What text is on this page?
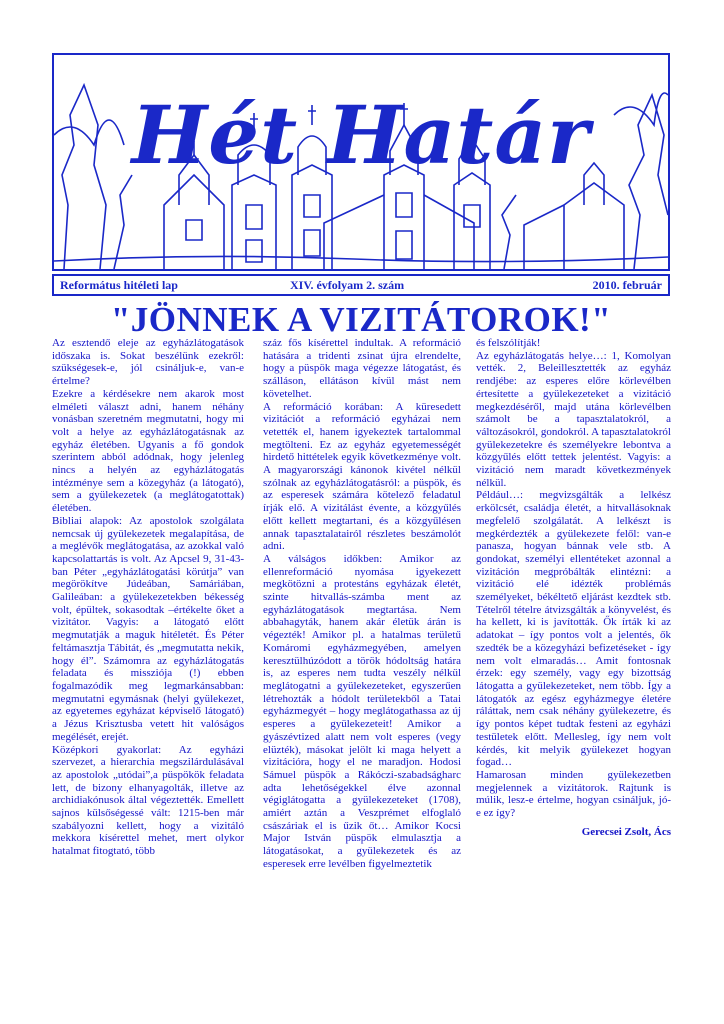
Hét Határ
Református hitéleti lap	XIV. évfolyam 2. szám	2010. február
"JÖNNEK A VIZITÁTOROK!"

Az esztendő eleje az egyházlátogatások időszaka is. Sokat beszélünk ezekről: szükségesek-e, jól csináljuk-e, van-e értelme?

Ezekre a kérdésekre nem akarok most elméleti választ adni, hanem néhány vonásban szeretném megmutatni, hogy mi volt a helye az egyházlátogatásnak az egyház életében. Ugyanis a fő gondok szerintem abból adódnak, hogy jelenleg nincs a helyén az egyházlátogatás intézménye sem a közegyház (a látogató), sem a gyülekezetek (a meglátogatottak) életében.

Bibliai alapok: Az apostolok szolgálata nemcsak új gyülekezetek megalapítása, de a meglévők meglátogatása, az azokkal való kapcsolattartás is volt. Az Apcsel 9, 31-43-ban Péter „egyházlátogatási körútja” van megörökítve Júdeában, Samáriában, Galileában: a gyülekezetekben békesség volt, épültek, sokasodtak –értékelte őket a vizitátor. Vagyis: a látogató előtt megmutatják a maguk hitéletét. És Péter feltámasztja Tábitát, és „megmutatta nekik, hogy él”. Számomra az egyházlátogatás feladata és missziója (!) ebben fogalmazódik meg legmarkánsabban: megmutatni egymásnak (helyi gyülekezet, az egyetemes egyházat képviselő látogató) a Jézus Krisztusba vetett hit valóságos megélését, erejét.

Középkori gyakorlat: Az egyházi szervezet, a hierarchia megszilárdulásával az apostolok „utódai”,a püspökök feladata lett, de bizony elhanyagolták, illetve az archidiakónusok által végeztették. Emellett sajnos külsőségessé vált: 1215-ben már szabályozni kellett, hogy a vizitáló mekkora kísérettel mehet, mert olykor hatalmat fitogtató, több

száz fős kísérettel indultak. A reformáció hatására a tridenti zsinat újra elrendelte, hogy a püspök maga végezze látogatást, és szálláson, ellátáson kívül mást nem követelhet.

A reformáció korában: A küresedett vizitációt a reformáció egyházai nem vetették el, hanem igyekeztek tartalommal megtölteni. Ez az egyház egyetemességét hirdető hittételek egyik következménye volt. A magyarországi kánonok kivétel nélkül szólnak az egyházlátogatásról: a püspök, és az esperesek számára kötelező feladatul írják elő. A vizitálást évente, a közgyűlés előtt kellett megtartani, és a közgyűlésen annak tapasztalatairól részletes beszámolót adni.

A válságos időkben: Amikor az ellenreformáció nyomása igyekezett megkötözni a protestáns egyházak életét, szinte hitvallás-számba ment az egyházlátogatások megtartása. Nem abbahagyták, hanem akár életük árán is végezték! Amikor pl. a hatalmas területű Komáromi egyházmegyében, amelyen keresztülhúzódott a török hódoltság határa is, az esperes nem tudta veszély nélkül meglátogatni a gyülekezeteket, egyszerűen létrehozták a hódolt területekből a Tatai egyházmegyét – hogy meglátogathassa az új esperes a gyülekezeteit! Amikor a gyászévtized alatt nem volt esperes (vegy elüzték), másokat jelölt ki maga helyett a vizitációra, hogy el ne maradjon. Hodosi Sámuel püspök a Rákóczi-szabadságharc adta lehetőségekkel élve azonnal végiglátogatta a gyülekezeteket (1708), amiért aztán a Veszprémet elfoglaló császáriak el is űzik őt… Amikor Kocsi Major István püspök elmulasztja a látogatásokat, a gyülekezetek és az esperesek erre levélben figyelmeztetik

és felszólítják!

Az egyházlátogatás helye…: 1, Komolyan vették. 2, Beleillesztették az egyház rendjébe: az esperes előre körlevélben értesítette a gyülekezeteket a vizitáció megkezdéséről, majd utána körlevélben számolt be a tapasztalatokról, a változásokról, gondokról. A tapasztalatokról gyülekezetekre és személyekre lebontva a közgyűlés előtt tettek jelentést. Vagyis: a vizitáció nem maradt következmények nélkül.

Például…: megvizsgálták a lelkész erkölcsét, családja életét, a hitvallásoknak megfelelő szolgálatát. A lelkészt is megkérdezték a gyülekezete felől: van-e panasza, hogyan bánnak vele stb. A gondokat, személyi ellentéteket azonnal a vizitáción megpróbálták elintézni: a vizitáció elé idézték problémás személyeket, békéltető eljárást kezdtek stb. Tételről tételre átvizsgálták a könyvelést, és ha kellett, ki is javították. Ők írták ki az adatokat – így pontos volt a jelentés, ők szedték be a közegyházi befizetéseket - így nem volt elmaradás… Amit fontosnak érzek: egy személy, vagy egy bizottság látogatta a gyülekezeteket, nem több. Így a látogatók az egész egyházmegye életére ráláttak, nem csak néhány gyülekezetre, és így pontos képet tudtak festeni az egyházi testületek előtt. Mellesleg, így nem volt kérdés, kit melyik gyülekezet hogyan fogad…

Hamarosan minden gyülekezetben megjelennek a vizitátorok. Rajtunk is múlik, lesz-e értelme, hogyan csináljuk, jó-e ez így?

Gerecsei Zsolt, Ács
